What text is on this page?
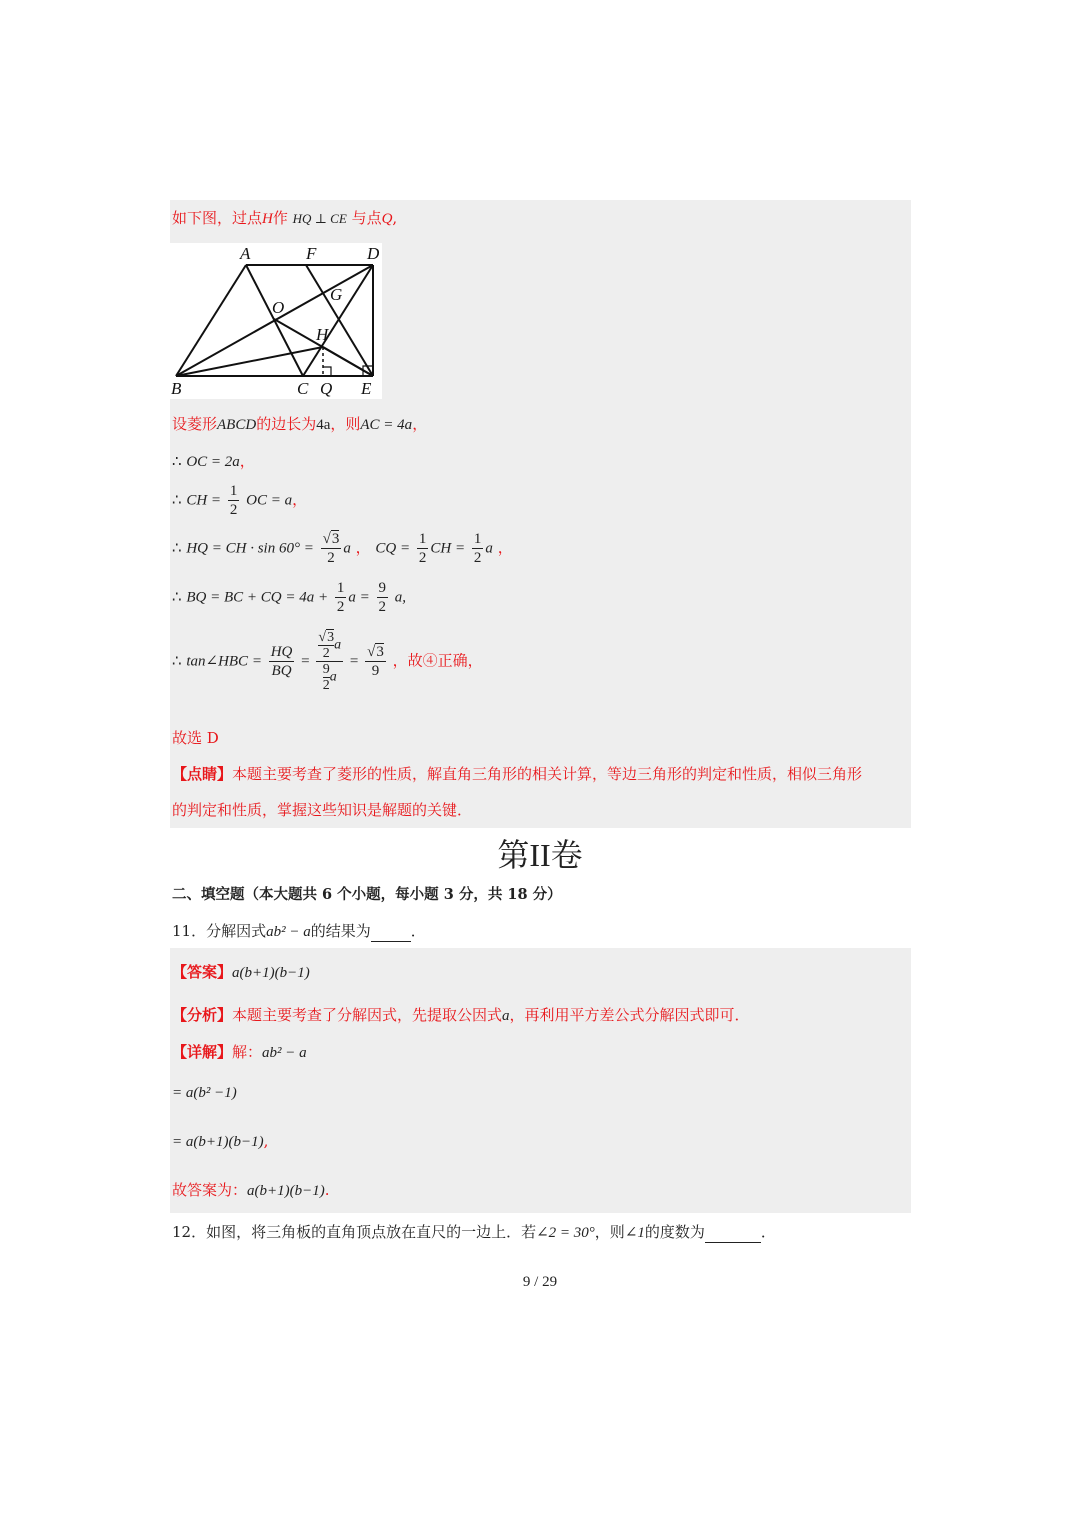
如下图，过点H作 HQ ⊥ CE 与点Q,
A	F	D
O
G
H
B	C Q E
设菱形ABCD的边长为4a，则AC = 4a，
∴ OC = 2a，
∴ CH = $\frac{1}{2}$ OC = a，
∴ HQ = CH · $\sin 60^\circ = \frac{√3}{2}$ a ， CQ = $\frac{1}{2}$ CH = $\frac{1}{2}$ a ，
∴ BQ = BC + CQ = $4a + \frac{1}{2}$ $a = \frac{9}{2} a$,
∴ tan∠HBC = $\frac{HQ}{BQ} = \frac{\frac{√3}{2} a}{\frac{9}{2} a} = \frac{√3}{9}$ ，故④正确，
故选 D
【点睛】本题主要考查了菱形的性质，解直角三角形的相关计算，等边三角形的判定和性质，相似三角形
的判定和性质，掌握这些知识是解题的关键．
第II卷
二、填空题（本大题共 6 个小题，每小题 3 分，共 18 分）
11．分解因式ab² − a的结果为	．
【答案】a(b+1)(b−1)
【分析】本题主要考查了分解因式，先提取公因式a，再利用平方差公式分解因式即可．
【详解】解：ab² − a
= a(b² −1)
= a(b+1)(b−1),
故答案为：a(b+1)(b−1).
12．如图，将三角板的直角顶点放在直尺的一边上．若∠2 = 30°，则∠1的度数为	．
9 / 29
